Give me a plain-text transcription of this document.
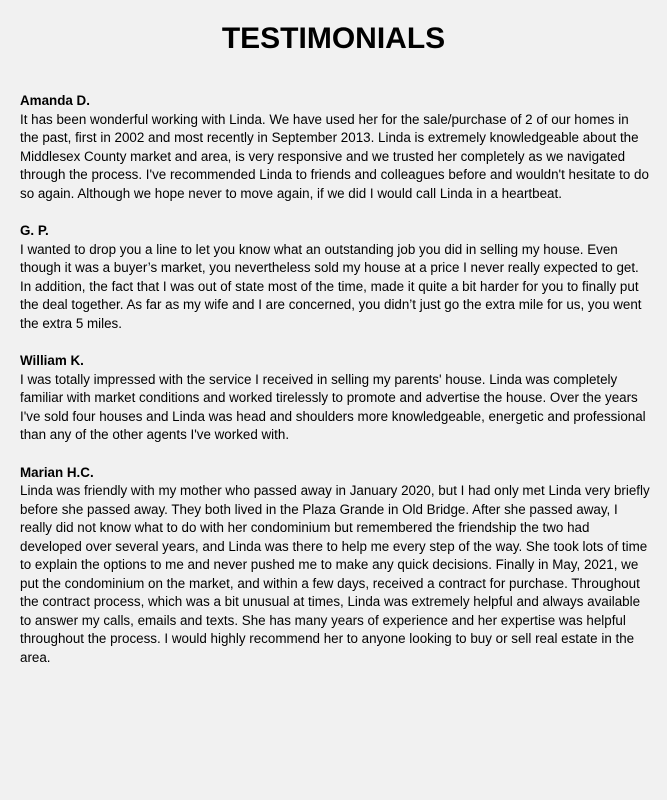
TESTIMONIALS

Amanda D.

It has been wonderful working with Linda. We have used her for the sale/purchase of 2 of our homes in the past, first in 2002 and most recently in September 2013. Linda is extremely knowledgeable about the Middlesex County market and area, is very responsive and we trusted her completely as we navigated through the process. I've recommended Linda to friends and colleagues before and wouldn't hesitate to do so again. Although we hope never to move again, if we did I would call Linda in a heartbeat.

G. P.

I wanted to drop you a line to let you know what an outstanding job you did in selling my house. Even though it was a buyer’s market, you nevertheless sold my house at a price I never really expected to get. In addition, the fact that I was out of state most of the time, made it quite a bit harder for you to finally put the deal together. As far as my wife and I are concerned, you didn’t just go the extra mile for us, you went the extra 5 miles.

William K.

I was totally impressed with the service I received in selling my parents' house. Linda was completely familiar with market conditions and worked tirelessly to promote and advertise the house. Over the years I've sold four houses and Linda was head and shoulders more knowledgeable, energetic and professional than any of the other agents I've worked with.

Marian H.C.

Linda was friendly with my mother who passed away in January 2020, but I had only met Linda very briefly before she passed away. They both lived in the Plaza Grande in Old Bridge. After she passed away, I really did not know what to do with her condominium but remembered the friendship the two had developed over several years, and Linda was there to help me every step of the way. She took lots of time to explain the options to me and never pushed me to make any quick decisions. Finally in May, 2021, we put the condominium on the market, and within a few days, received a contract for purchase. Throughout the contract process, which was a bit unusual at times, Linda was extremely helpful and always available to answer my calls, emails and texts. She has many years of experience and her expertise was helpful throughout the process. I would highly recommend her to anyone looking to buy or sell real estate in the area.
